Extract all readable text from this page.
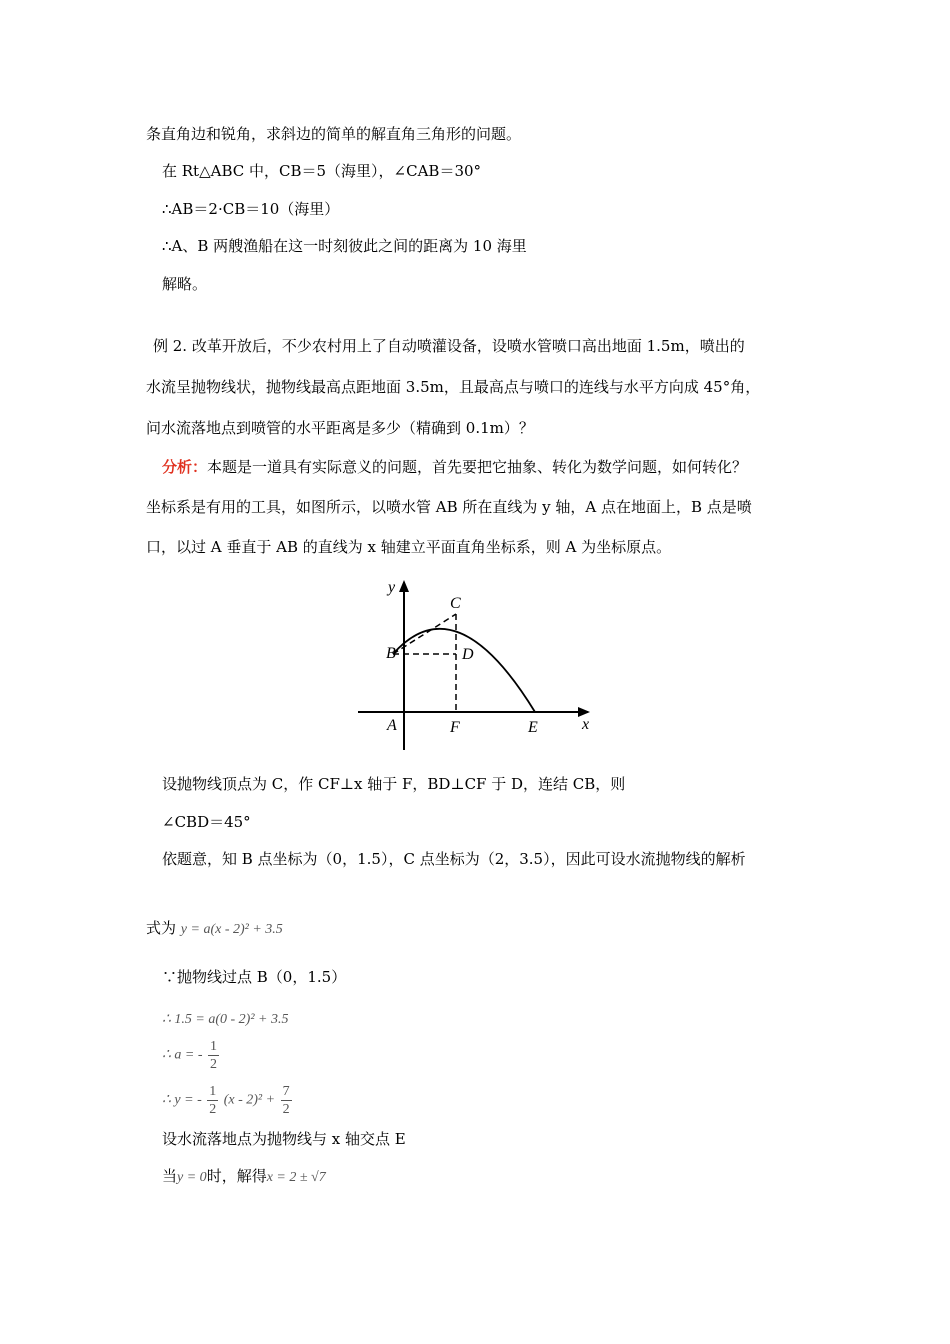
条直角边和锐角，求斜边的简单的解直角三角形的问题。
在 Rt△ABC 中，CB＝5（海里），∠CAB＝30°
∴AB＝2·CB＝10（海里）
∴A、B 两艘渔船在这一时刻彼此之间的距离为 10 海里
解略。
例 2. 改革开放后，不少农村用上了自动喷灌设备，设喷水管喷口高出地面 1.5m，喷出的
水流呈抛物线状，抛物线最高点距地面 3.5m，且最高点与喷口的连线与水平方向成 45°角，
问水流落地点到喷管的水平距离是多少（精确到 0.1m）？
分析：本题是一道具有实际意义的问题，首先要把它抽象、转化为数学问题，如何转化？
坐标系是有用的工具，如图所示，以喷水管 AB 所在直线为 y 轴，A 点在地面上，B 点是喷
口，以过 A 垂直于 AB 的直线为 x 轴建立平面直角坐标系，则 A 为坐标原点。
y
x
C
B	D
A	F	E
设抛物线顶点为 C，作 CF⊥x 轴于 F，BD⊥CF 于 D，连结 CB，则
∠CBD＝45°
依题意，知 B 点坐标为（0，1.5），C 点坐标为（2，3.5），因此可设水流抛物线的解析
式为 y = a(x - 2)² + 3.5
∵抛物线过点 B（0，1.5）
∴ 1.5 = a(0 - 2)² + 3.5
∴ a = - $\frac{1}{2}$
∴ y = - $\frac{1}{2} (x - 2)^2 + \frac{7}{2}$
设水流落地点为抛物线与 x 轴交点 E
当y = 0时，解得x = 2 ± √7
